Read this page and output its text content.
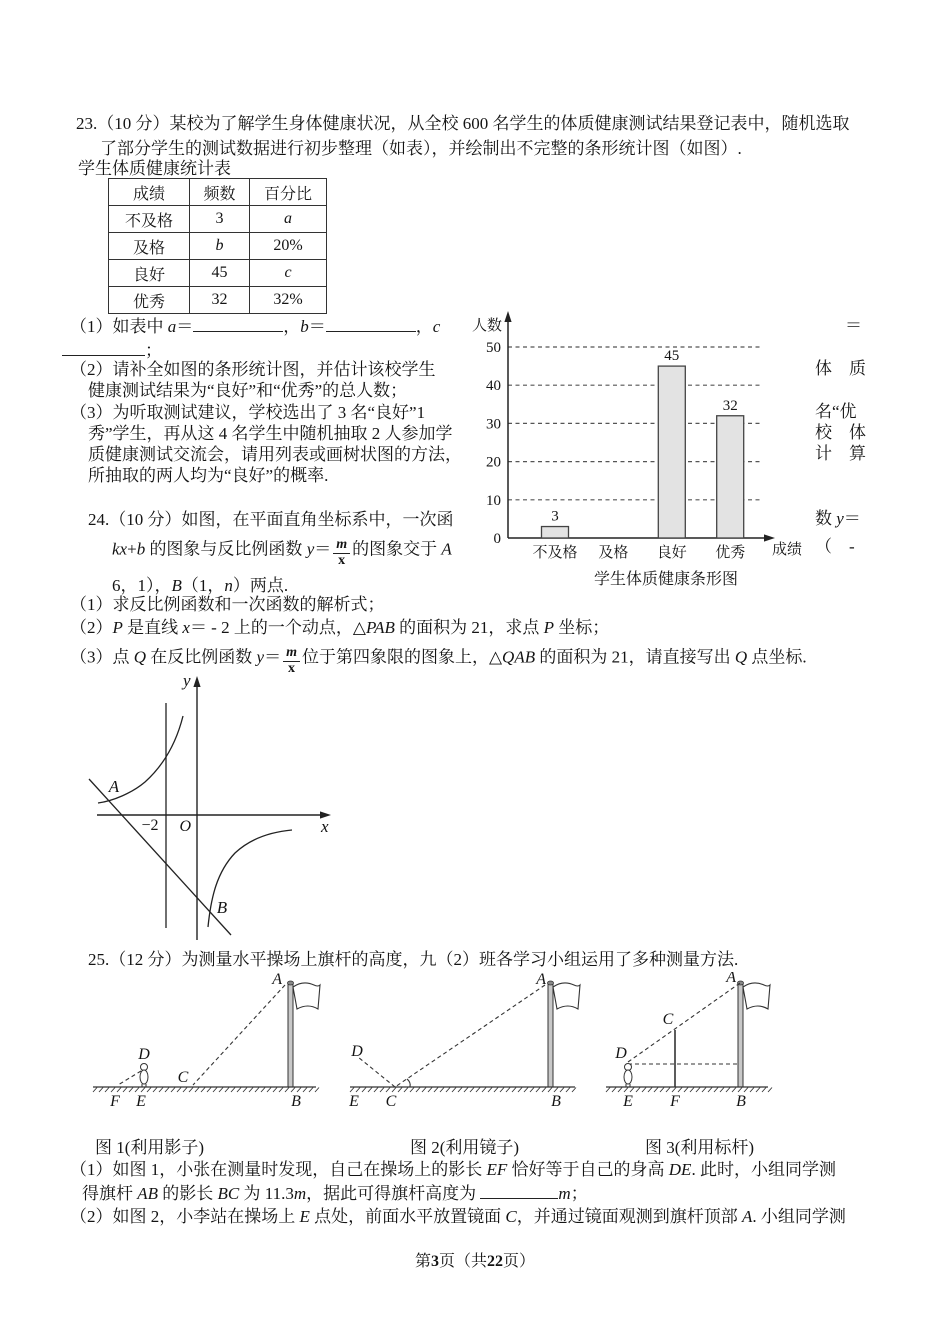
23.（10 分）某校为了解学生身体健康状况，从全校 600 名学生的体质健康测试结果登记表中，随机选取
了部分学生的测试数据进行初步整理（如表），并绘制出不完整的条形统计图（如图）.
学生体质健康统计表
成绩	频数	百分比
不及格	3	a
及格	b	20%
良好	45	c
优秀	32	32%
（1）如表中 a＝	，b＝	，c
；
（2）请补全如图的条形统计图，并估计该校学生
健康测试结果为“良好”和“优秀”的总人数；
（3）为听取测试建议，学校选出了 3 名“良好”1
秀”学生，再从这 4 名学生中随机抽取 2 人参加学
质健康测试交流会，请用列表或画树状图的方法，
所抽取的两人均为“良好”的概率.
＝
体　质
名“优
校　体
计　算
数 y＝
（　-
0
10
20
30
40
50
人数
成绩
3
不及格 及格
45
良好
32
优秀
学生体质健康条形图
24.（10 分）如图，在平面直角坐标系中，一次函
kx+b 的图象与反比例函数 $y= \frac{m}{x}$ 的图象交于 A
6，1），B（1，n）两点.
（1）求反比例函数和一次函数的解析式；
（2）P 是直线 x＝ - 2 上的一个动点，△PAB 的面积为 21，求点 P 坐标；
（3）点 Q 在反比例函数 $y= \frac{m}{x}$ 位于第四象限的图象上，△QAB 的面积为 21，请直接写出 Q 点坐标.
y
x
O
−2
A
B
25.（12 分）为测量水平操场上旗杆的高度，九（2）班各学习小组运用了多种测量方法.
A
D
C
F E	B
A
D
E C	B
A
C
D
E F	B
图 1(利用影子)	图 2(利用镜子)	图 3(利用标杆)
（1）如图 1，小张在测量时发现，自己在操场上的影长 EF 恰好等于自己的身高 DE. 此时，小组同学测
得旗杆 AB 的影长 BC 为 11.3m，据此可得旗杆高度为	m；
（2）如图 2，小李站在操场上 E 点处，前面水平放置镜面 C，并通过镜面观测到旗杆顶部 A. 小组同学测
第3页（共22页）
